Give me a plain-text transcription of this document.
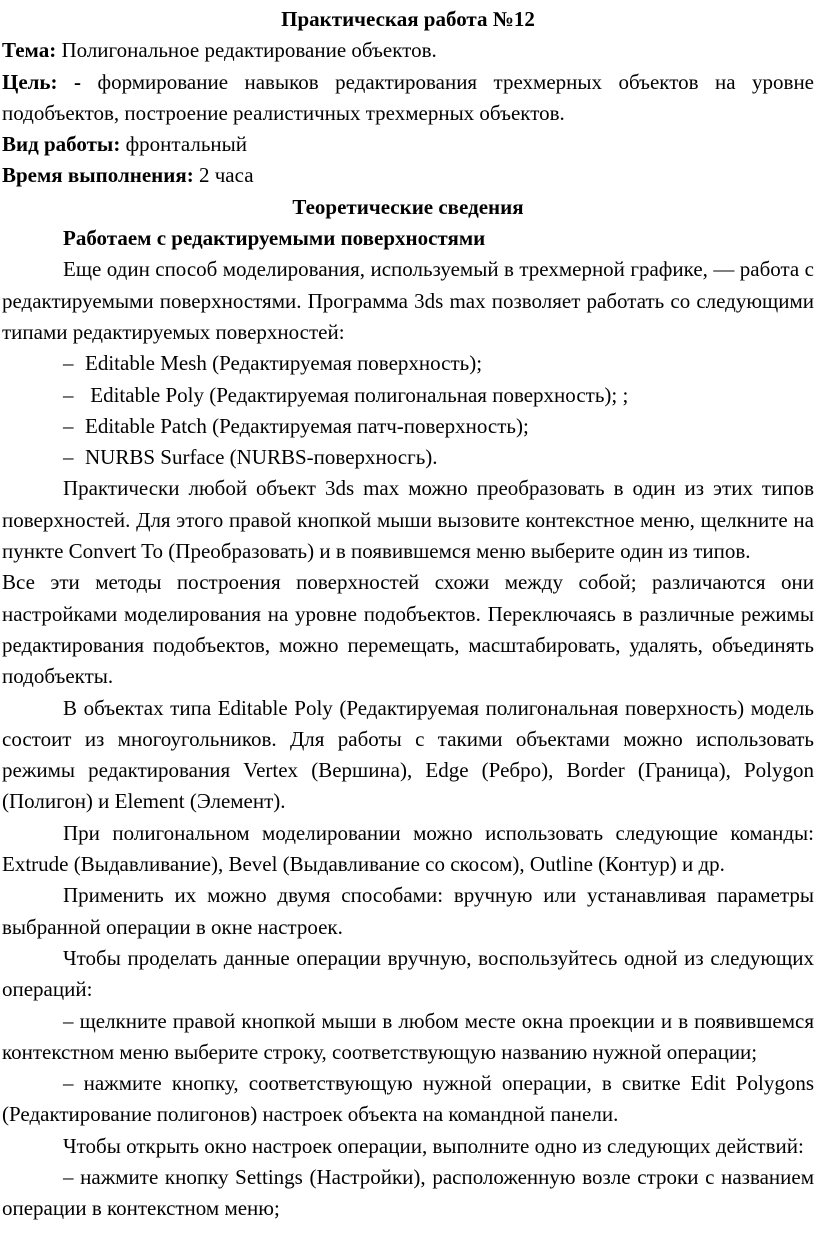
Практическая работа №12

Тема: Полигональное редактирование объектов.

Цель: - формирование навыков редактирования трехмерных объектов на уровне подобъектов, построение реалистичных трехмерных объектов.

Вид работы: фронтальный

Время выполнения: 2 часа

Теоретические сведения

Работаем с редактируемыми поверхностями

Еще один способ моделирования, используемый в трехмерной графике, — работа с редактируемыми поверхностями. Программа 3ds max позволяет работать со следующими типами редактируемых поверхностей:

– Editable Mesh (Редактируемая поверхность);

– Editable Poly (Редактируемая полигональная поверхность); ;

– Editable Patch (Редактируемая патч-поверхность);

– NURBS Surface (NURBS-поверхносгь).

Практически любой объект 3ds max можно преобразовать в один из этих типов поверхностей. Для этого правой кнопкой мыши вызовите контекстное меню, щелкните на пункте Convert To (Преобразовать) и в появившемся меню выберите один из типов.

Все эти методы построения поверхностей схожи между собой; различаются они настройками моделирования на уровне подобъектов. Переключаясь в различные режимы редактирования подобъектов, можно перемещать, масштабировать, удалять, объединять подобъекты.

В объектах типа Editable Poly (Редактируемая полигональная поверхность) модель состоит из многоугольников. Для работы с такими объектами можно использовать режимы редактирования Vertex (Вершина), Edge (Ребро), Border (Граница), Polygon (Полигон) и Element (Элемент).

При полигональном моделировании можно использовать следующие команды: Extrude (Выдавливание), Bevel (Выдавливание со скосом), Outline (Контур) и др.

Применить их можно двумя способами: вручную или устанавливая параметры выбранной операции в окне настроек.

Чтобы проделать данные операции вручную, воспользуйтесь одной из следующих операций:

– щелкните правой кнопкой мыши в любом месте окна проекции и в появившемся контекстном меню выберите строку, соответствующую названию нужной операции;

– нажмите кнопку, соответствующую нужной операции, в свитке Edit Polygons (Редактирование полигонов) настроек объекта на командной панели.

Чтобы открыть окно настроек операции, выполните одно из следующих действий:

– нажмите кнопку Settings (Настройки), расположенную возле строки с названием операции в контекстном меню;
